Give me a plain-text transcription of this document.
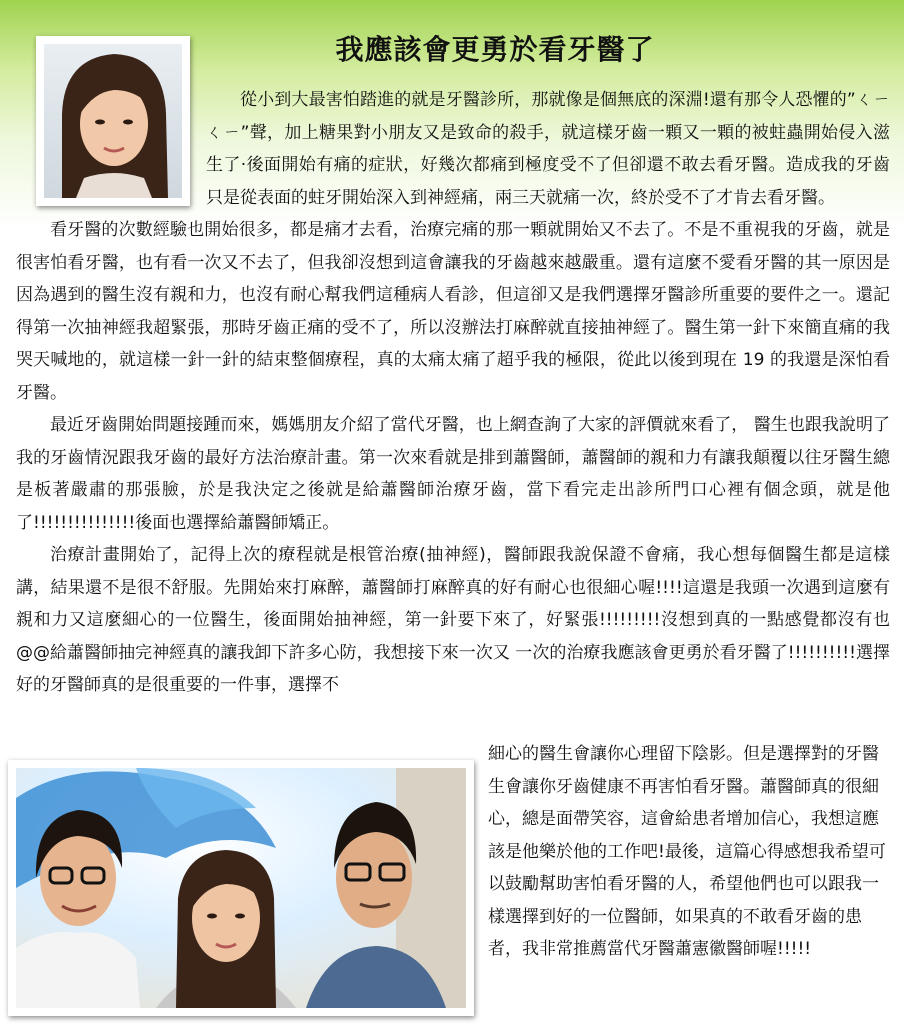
我應該會更勇於看牙醫了

從小到大最害怕踏進的就是牙醫診所，那就像是個無底的深淵!還有那令人恐懼的”ㄑㄧㄑㄧ”聲，加上糖果對小朋友又是致命的殺手，就這樣牙齒一顆又一顆的被蛀蟲開始侵入滋生了‧後面開始有痛的症狀，好幾次都痛到極度受不了但卻還不敢去看牙醫。造成我的牙齒只是從表面的蛀牙開始深入到神經痛，兩三天就痛一次，終於受不了才肯去看牙醫。

看牙醫的次數經驗也開始很多，都是痛才去看，治療完痛的那一顆就開始又不去了。不是不重視我的牙齒，就是很害怕看牙醫，也有看一次又不去了，但我卻沒想到這會讓我的牙齒越來越嚴重。還有這麼不愛看牙醫的其一原因是因為遇到的醫生沒有親和力，也沒有耐心幫我們這種病人看診，但這卻又是我們選擇牙醫診所重要的要件之一。還記得第一次抽神經我超緊張，那時牙齒正痛的受不了，所以沒辦法打麻醉就直接抽神經了。醫生第一針下來簡直痛的我哭天喊地的，就這樣一針一針的結束整個療程，真的太痛太痛了超乎我的極限，從此以後到現在 19 的我還是深怕看牙醫。

最近牙齒開始問題接踵而來，媽媽朋友介紹了當代牙醫，也上網查詢了大家的評價就來看了， 醫生也跟我說明了我的牙齒情況跟我牙齒的最好方法治療計畫。第一次來看就是排到蕭醫師，蕭醫師的親和力有讓我顛覆以往牙醫生總是板著嚴肅的那張臉，於是我決定之後就是給蕭醫師治療牙齒，當下看完走出診所門口心裡有個念頭，就是他了!!!!!!!!!!!!!!!後面也選擇給蕭醫師矯正。

治療計畫開始了，記得上次的療程就是根管治療(抽神經)，醫師跟我說保證不會痛，我心想每個醫生都是這樣講，結果還不是很不舒服。先開始來打麻醉，蕭醫師打麻醉真的好有耐心也很細心喔!!!!這還是我頭一次遇到這麼有親和力又這麼細心的一位醫生，後面開始抽神經，第一針要下來了，好緊張!!!!!!!!!沒想到真的一點感覺都沒有也@@給蕭醫師抽完神經真的讓我卸下許多心防，我想接下來一次又 一次的治療我應該會更勇於看牙醫了!!!!!!!!!!選擇好的牙醫師真的是很重要的一件事，選擇不

細心的醫生會讓你心理留下陰影。但是選擇對的牙醫生會讓你牙齒健康不再害怕看牙醫。蕭醫師真的很細心，總是面帶笑容，這會給患者增加信心，我想這應該是他樂於他的工作吧!最後，這篇心得感想我希望可以鼓勵幫助害怕看牙醫的人，希望他們也可以跟我一樣選擇到好的一位醫師，如果真的不敢看牙齒的患者，我非常推薦當代牙醫蕭憲徽醫師喔!!!!!
